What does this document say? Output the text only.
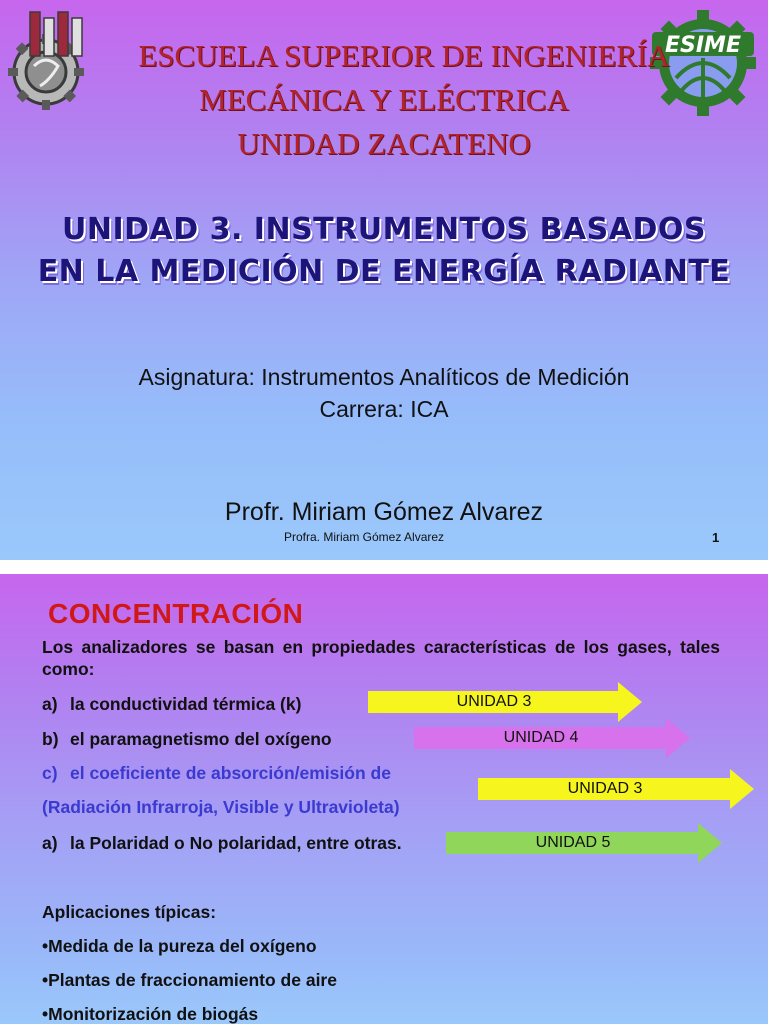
ESIME
ESCUELA SUPERIOR DE INGENIERÍA
MECÁNICA Y ELÉCTRICA
UNIDAD ZACATENO
UNIDAD 3. INSTRUMENTOS BASADOS
EN LA MEDICIÓN DE ENERGÍA RADIANTE
Asignatura: Instrumentos Analíticos de Medición
Carrera: ICA
Profr. Miriam Gómez Alvarez
Profra. Miriam Gómez Alvarez	1
CONCENTRACIÓN
Los analizadores se basan en propiedades características de los gases, tales como:
a) la conductividad térmica (k)
b) el paramagnetismo del oxígeno
c) el coeficiente de absorción/emisión de
(Radiación Infrarroja, Visible y Ultravioleta)
a) la Polaridad o No polaridad, entre otras.
UNIDAD 3
UNIDAD 4
UNIDAD 3
UNIDAD 5
Aplicaciones típicas:
•Medida de la pureza del oxígeno
•Plantas de fraccionamiento de aire
•Monitorización de biogás
